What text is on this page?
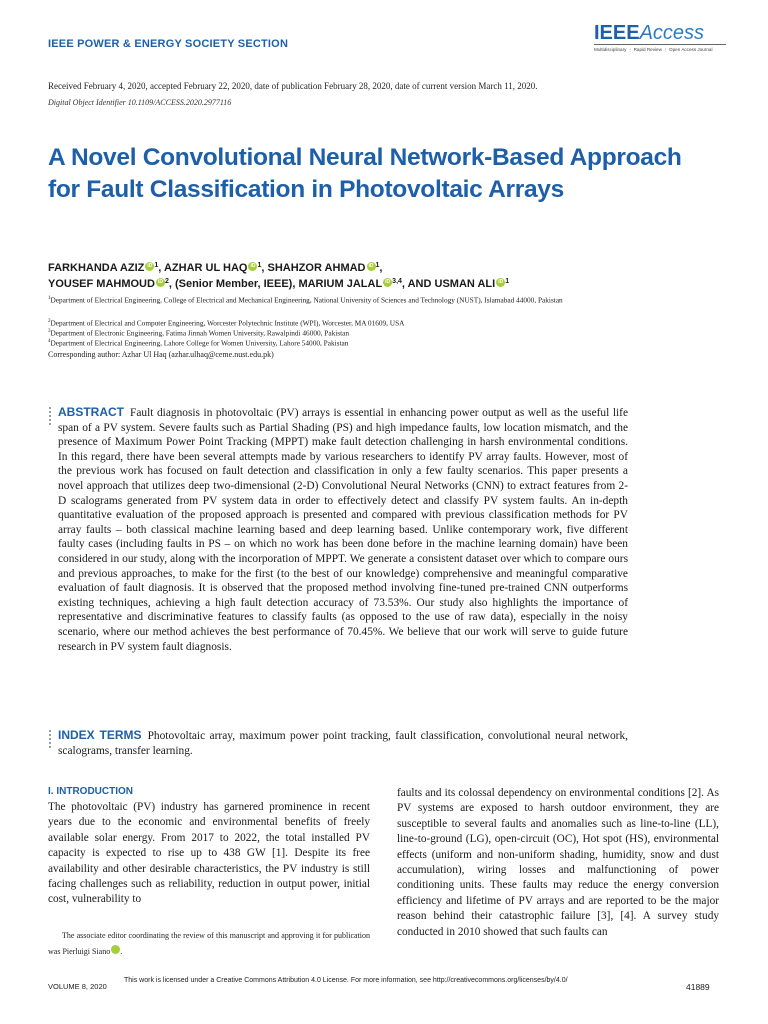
IEEE POWER & ENERGY SOCIETY SECTION	IEEEAccess
Multidisciplinary ⋮ Rapid Review ⋮ Open Access Journal
Received February 4, 2020, accepted February 22, 2020, date of publication February 28, 2020, date of current version March 11, 2020.
Digital Object Identifier 10.1109/ACCESS.2020.2977116
A Novel Convolutional Neural Network-Based Approach for Fault Classification in Photovoltaic Arrays
FARKHANDA AZIZ iD $^1$, AZHAR UL HAQ iD $^1$, SHAHZOR AHMAD iD $^1$,
YOUSEF MAHMOUD iD $^2$, (Senior Member, IEEE), MARIUM JALAL iD $^{3,4}$, AND USMAN ALI iD $^1$
$^1$Department of Electrical Engineering, College of Electrical and Mechanical Engineering, National University of Sciences and Technology (NUST), Islamabad 44000, Pakistan
$^2$Department of Electrical and Computer Engineering, Worcester Polytechnic Institute (WPI), Worcester, MA 01609, USA
$^3$Department of Electronic Engineering, Fatima Jinnah Women University, Rawalpindi 46000, Pakistan
$^4$Department of Electrical Engineering, Lahore College for Women University, Lahore 54000, Pakistan
Corresponding author: Azhar Ul Haq (azhar.ulhaq@ceme.nust.edu.pk)
ABSTRACT Fault diagnosis in photovoltaic (PV) arrays is essential in enhancing power output as well as the useful life span of a PV system. Severe faults such as Partial Shading (PS) and high impedance faults, low location mismatch, and the presence of Maximum Power Point Tracking (MPPT) make fault detection challenging in harsh environmental conditions. In this regard, there have been several attempts made by various researchers to identify PV array faults. However, most of the previous work has focused on fault detection and classification in only a few faulty scenarios. This paper presents a novel approach that utilizes deep two-dimensional (2-D) Convolutional Neural Networks (CNN) to extract features from 2-D scalograms generated from PV system data in order to effectively detect and classify PV system faults. An in-depth quantitative evaluation of the proposed approach is presented and compared with previous classification methods for PV array faults – both classical machine learning based and deep learning based. Unlike contemporary work, five different faulty cases (including faults in PS – on which no work has been done before in the machine learning domain) have been considered in our study, along with the incorporation of MPPT. We generate a consistent dataset over which to compare ours and previous approaches, to make for the first (to the best of our knowledge) comprehensive and meaningful comparative evaluation of fault diagnosis. It is observed that the proposed method involving fine-tuned pre-trained CNN outperforms existing techniques, achieving a high fault detection accuracy of 73.53%. Our study also highlights the importance of representative and discriminative features to classify faults (as opposed to the use of raw data), especially in the noisy scenario, where our method achieves the best performance of 70.45%. We believe that our work will serve to guide future research in PV system fault diagnosis.
INDEX TERMS Photovoltaic array, maximum power point tracking, fault classification, convolutional neural network, scalograms, transfer learning.
I. INTRODUCTION
The photovoltaic (PV) industry has garnered prominence in recent years due to the economic and environmental benefits of freely available solar energy. From 2017 to 2022, the total installed PV capacity is expected to rise up to 438 GW [1]. Despite its free availability and other desirable characteristics, the PV industry is still facing challenges such as reliability, reduction in output power, initial cost, vulnerability to
faults and its colossal dependency on environmental conditions [2]. As PV systems are exposed to harsh outdoor environment, they are susceptible to several faults and anomalies such as line-to-line (LL), line-to-ground (LG), open-circuit (OC), Hot spot (HS), environmental effects (uniform and non-uniform shading, humidity, snow and dust accumulation), wiring losses and malfunctioning of power conditioning units. These faults may reduce the energy conversion efficiency and lifetime of PV arrays and are reported to be the major reason behind their catastrophic failure [3], [4]. A survey study conducted in 2010 showed that such faults can
The associate editor coordinating the review of this manuscript and approving it for publication was Pierluigi Siano	iD.
VOLUME 8, 2020
This work is licensed under a Creative Commons Attribution 4.0 License. For more information, see http://creativecommons.org/licenses/by/4.0/
41889
